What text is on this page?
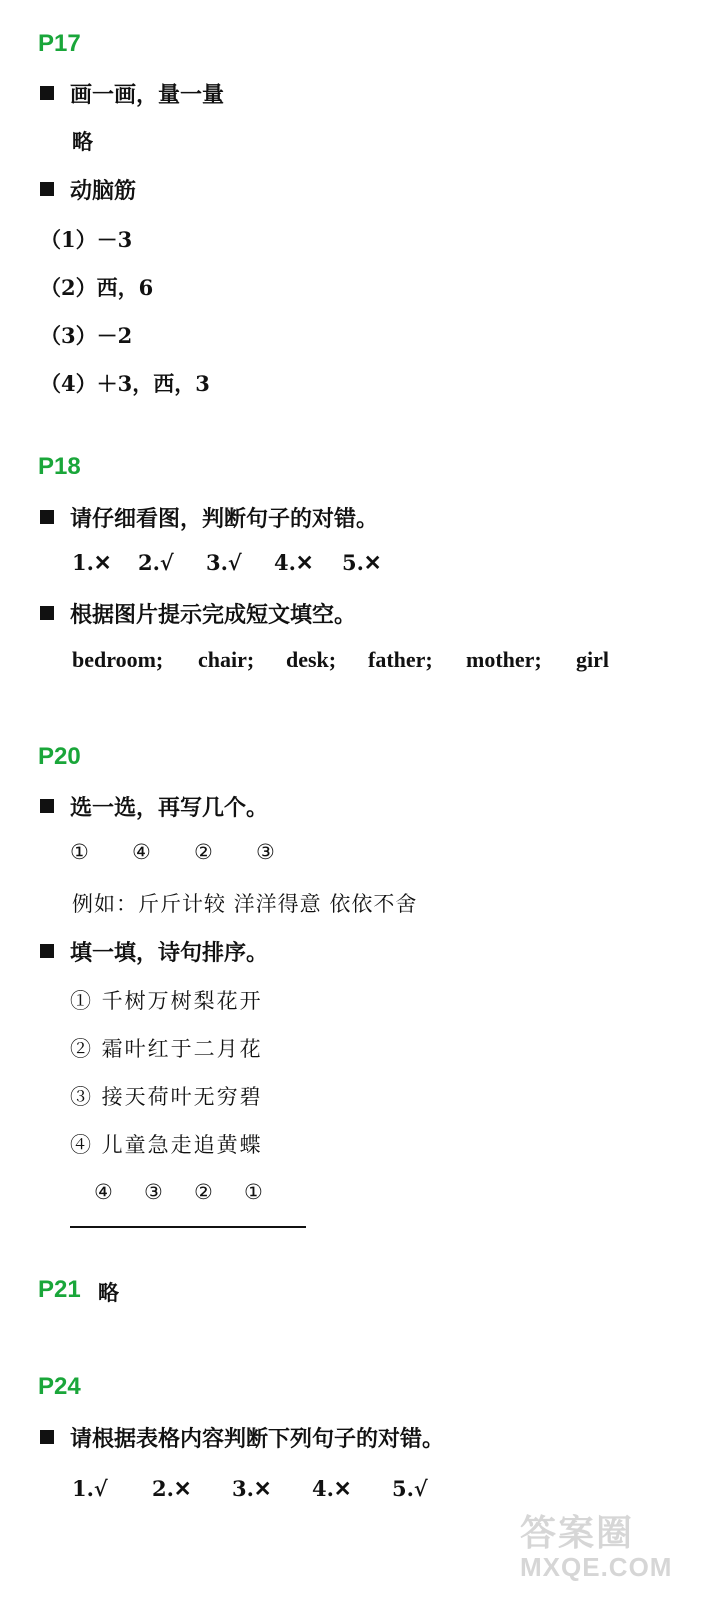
P17
画一画，量一量
略
动脑筋
（1）－3
（2）西，6
（3）－2
（4）＋3，西，3
P18
请仔细看图，判断句子的对错。
1.✕	2.√	3.√	4.✕	5.✕
根据图片提示完成短文填空。
bedroom;	chair;	desk;	father;	mother;	girl
P20
选一选，再写几个。
①	④	②	③
例如：斤斤计较 洋洋得意 依依不舍
填一填，诗句排序。
① 千树万树梨花开
② 霜叶红于二月花
③ 接天荷叶无穷碧
④ 儿童急走追黄蝶
④	③	②	①
P21 略
P24
请根据表格内容判断下列句子的对错。
1.√	2.✕	3.✕	4.✕	5.√
答案圈
MXQE.COM
